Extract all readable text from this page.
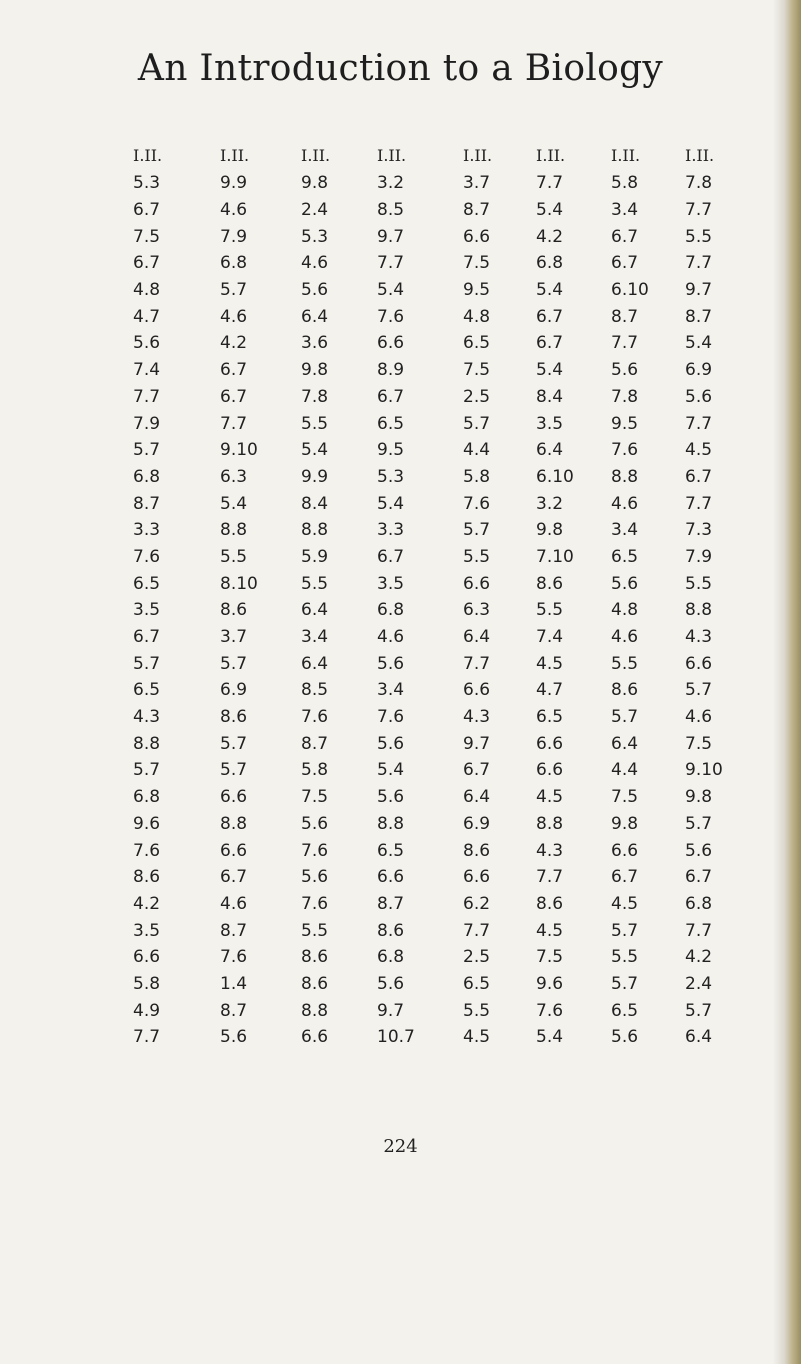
An Introduction to a Biology
I.II.	I.II.	I.II.	I.II.	I.II.	I.II.	I.II.	I.II.
5.3	9.9	9.8	3.2	3.7	7.7	5.8	7.8
6.7	4.6	2.4	8.5	8.7	5.4	3.4	7.7
7.5	7.9	5.3	9.7	6.6	4.2	6.7	5.5
6.7	6.8	4.6	7.7	7.5	6.8	6.7	7.7
4.8	5.7	5.6	5.4	9.5	5.4	6.10	9.7
4.7	4.6	6.4	7.6	4.8	6.7	8.7	8.7
5.6	4.2	3.6	6.6	6.5	6.7	7.7	5.4
7.4	6.7	9.8	8.9	7.5	5.4	5.6	6.9
7.7	6.7	7.8	6.7	2.5	8.4	7.8	5.6
7.9	7.7	5.5	6.5	5.7	3.5	9.5	7.7
5.7	9.10	5.4	9.5	4.4	6.4	7.6	4.5
6.8	6.3	9.9	5.3	5.8	6.10	8.8	6.7
8.7	5.4	8.4	5.4	7.6	3.2	4.6	7.7
3.3	8.8	8.8	3.3	5.7	9.8	3.4	7.3
7.6	5.5	5.9	6.7	5.5	7.10	6.5	7.9
6.5	8.10	5.5	3.5	6.6	8.6	5.6	5.5
3.5	8.6	6.4	6.8	6.3	5.5	4.8	8.8
6.7	3.7	3.4	4.6	6.4	7.4	4.6	4.3
5.7	5.7	6.4	5.6	7.7	4.5	5.5	6.6
6.5	6.9	8.5	3.4	6.6	4.7	8.6	5.7
4.3	8.6	7.6	7.6	4.3	6.5	5.7	4.6
8.8	5.7	8.7	5.6	9.7	6.6	6.4	7.5
5.7	5.7	5.8	5.4	6.7	6.6	4.4	9.10
6.8	6.6	7.5	5.6	6.4	4.5	7.5	9.8
9.6	8.8	5.6	8.8	6.9	8.8	9.8	5.7
7.6	6.6	7.6	6.5	8.6	4.3	6.6	5.6
8.6	6.7	5.6	6.6	6.6	7.7	6.7	6.7
4.2	4.6	7.6	8.7	6.2	8.6	4.5	6.8
3.5	8.7	5.5	8.6	7.7	4.5	5.7	7.7
6.6	7.6	8.6	6.8	2.5	7.5	5.5	4.2
5.8	1.4	8.6	5.6	6.5	9.6	5.7	2.4
4.9	8.7	8.8	9.7	5.5	7.6	6.5	5.7
7.7	5.6	6.6	10.7	4.5	5.4	5.6	6.4
224
